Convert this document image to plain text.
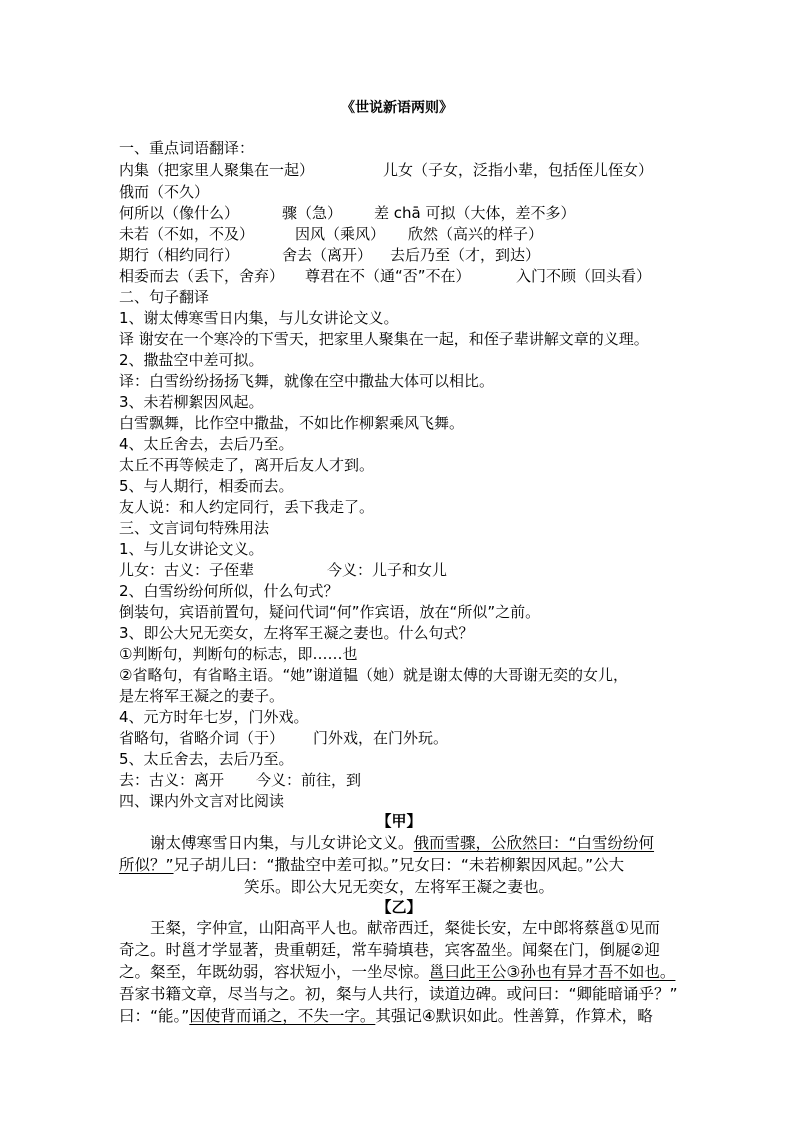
《世说新语两则》
一、重点词语翻译：
内集（把家里人聚集在一起）	儿女（子女，泛指小辈，包括侄儿侄女）
俄而（不久）
何所以（像什么）	骤（急） 差 chā 可拟（大体，差不多）
未若（不如，不及）	因风（乘风） 欣然（高兴的样子）
期行（相约同行）	舍去（离开） 去后乃至（才，到达）
相委而去（丢下，舍弃） 尊君在不（通“否”不在）	入门不顾（回头看）
二、句子翻译
1、谢太傅寒雪日内集，与儿女讲论文义。
译 谢安在一个寒冷的下雪天，把家里人聚集在一起，和侄子辈讲解文章的义理。
2、撒盐空中差可拟。
译：白雪纷纷扬扬飞舞，就像在空中撒盐大体可以相比。
3、未若柳絮因风起。
白雪飘舞，比作空中撒盐，不如比作柳絮乘风飞舞。
4、太丘舍去，去后乃至。
太丘不再等候走了，离开后友人才到。
5、与人期行，相委而去。
友人说：和人约定同行，丢下我走了。
三、文言词句特殊用法
1、与儿女讲论文义。
儿女：古义：子侄辈	今义：儿子和女儿
2、白雪纷纷何所似，什么句式？
倒装句，宾语前置句，疑问代词“何”作宾语，放在“所似”之前。
3、即公大兄无奕女，左将军王凝之妻也。什么句式？
①判断句，判断句的标志，即……也
②省略句，有省略主语。“她”谢道韫（她）就是谢太傅的大哥谢无奕的女儿，
是左将军王凝之的妻子。
4、元方时年七岁，门外戏。
省略句，省略介词（于） 门外戏，在门外玩。
5、太丘舍去，去后乃至。
去：古义：离开 今义：前往，到
四、课内外文言对比阅读
【甲】
谢太傅寒雪日内集，与儿女讲论文义。俄而雪骤，公欣然曰：“白雪纷纷何
所似？”兄子胡儿曰：“撒盐空中差可拟。”兄女曰：“未若柳絮因风起。”公大
笑乐。即公大兄无奕女，左将军王凝之妻也。
【乙】
王粲，字仲宣，山阳高平人也。献帝西迁，粲徙长安，左中郎将蔡邕①见而
奇之。时邕才学显著，贵重朝廷，常车骑填巷，宾客盈坐。闻粲在门，倒屣②迎
之。粲至，年既幼弱，容状短小，一坐尽惊。邕曰此王公③孙也有异才吾不如也。
吾家书籍文章，尽当与之。初，粲与人共行，读道边碑。或问曰：“卿能暗诵乎？”
曰：“能。”因使背而诵之，不失一字。其强记④默识如此。性善算，作算术，略
